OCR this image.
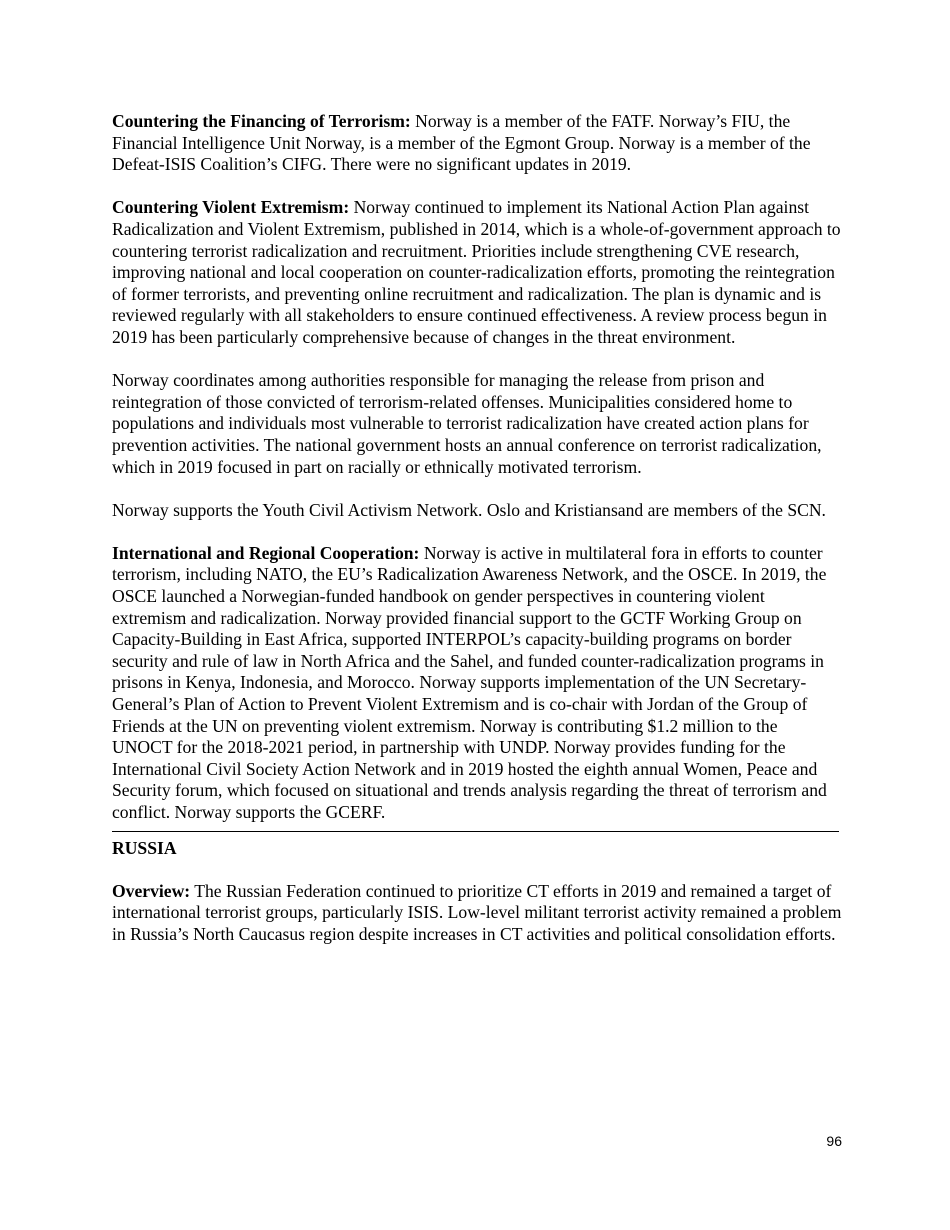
Countering the Financing of Terrorism: Norway is a member of the FATF. Norway’s FIU, the Financial Intelligence Unit Norway, is a member of the Egmont Group. Norway is a member of the Defeat-ISIS Coalition’s CIFG. There were no significant updates in 2019.

Countering Violent Extremism: Norway continued to implement its National Action Plan against Radicalization and Violent Extremism, published in 2014, which is a whole-of-government approach to countering terrorist radicalization and recruitment. Priorities include strengthening CVE research, improving national and local cooperation on counter-radicalization efforts, promoting the reintegration of former terrorists, and preventing online recruitment and radicalization. The plan is dynamic and is reviewed regularly with all stakeholders to ensure continued effectiveness. A review process begun in 2019 has been particularly comprehensive because of changes in the threat environment.

Norway coordinates among authorities responsible for managing the release from prison and reintegration of those convicted of terrorism-related offenses. Municipalities considered home to populations and individuals most vulnerable to terrorist radicalization have created action plans for prevention activities. The national government hosts an annual conference on terrorist radicalization, which in 2019 focused in part on racially or ethnically motivated terrorism.

Norway supports the Youth Civil Activism Network. Oslo and Kristiansand are members of the SCN.

International and Regional Cooperation: Norway is active in multilateral fora in efforts to counter terrorism, including NATO, the EU’s Radicalization Awareness Network, and the OSCE. In 2019, the OSCE launched a Norwegian-funded handbook on gender perspectives in countering violent extremism and radicalization. Norway provided financial support to the GCTF Working Group on Capacity-Building in East Africa, supported INTERPOL’s capacity-building programs on border security and rule of law in North Africa and the Sahel, and funded counter-radicalization programs in prisons in Kenya, Indonesia, and Morocco. Norway supports implementation of the UN Secretary-General’s Plan of Action to Prevent Violent Extremism and is co-chair with Jordan of the Group of Friends at the UN on preventing violent extremism. Norway is contributing $1.2 million to the UNOCT for the 2018-2021 period, in partnership with UNDP. Norway provides funding for the International Civil Society Action Network and in 2019 hosted the eighth annual Women, Peace and Security forum, which focused on situational and trends analysis regarding the threat of terrorism and conflict. Norway supports the GCERF.

RUSSIA

Overview: The Russian Federation continued to prioritize CT efforts in 2019 and remained a target of international terrorist groups, particularly ISIS. Low-level militant terrorist activity remained a problem in Russia’s North Caucasus region despite increases in CT activities and political consolidation efforts.

96
